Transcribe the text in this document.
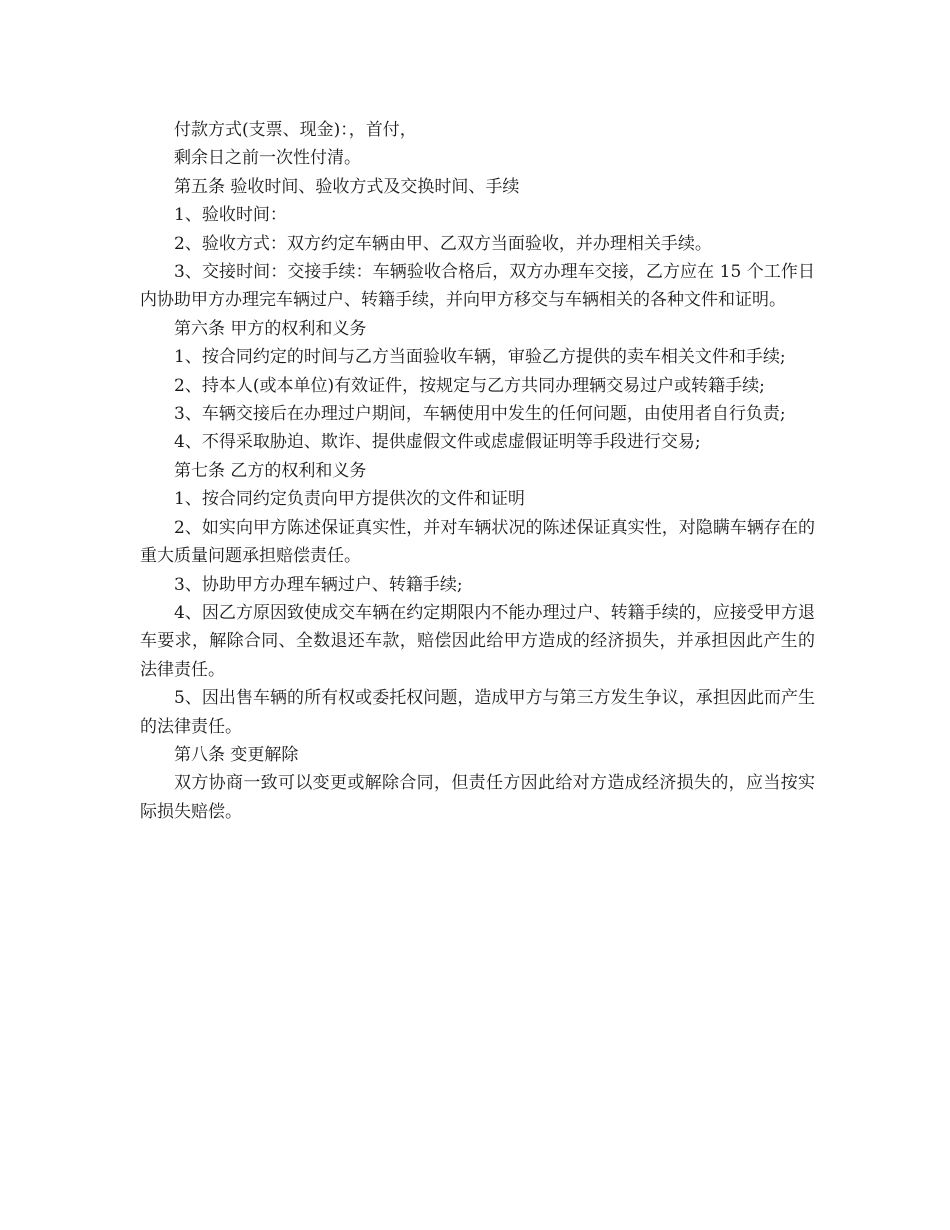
付款方式(支票、现金)：，首付，

剩余日之前一次性付清。

第五条 验收时间、验收方式及交换时间、手续

1、验收时间：

2、验收方式：双方约定车辆由甲、乙双方当面验收，并办理相关手续。

3、交接时间：交接手续：车辆验收合格后，双方办理车交接，乙方应在 15 个工作日内协助甲方办理完车辆过户、转籍手续，并向甲方移交与车辆相关的各种文件和证明。

第六条 甲方的权利和义务

1、按合同约定的时间与乙方当面验收车辆，审验乙方提供的卖车相关文件和手续;

2、持本人(或本单位)有效证件，按规定与乙方共同办理辆交易过户或转籍手续;

3、车辆交接后在办理过户期间，车辆使用中发生的任何问题，由使用者自行负责;

4、不得采取胁迫、欺诈、提供虚假文件或虑虚假证明等手段进行交易;

第七条 乙方的权利和义务

1、按合同约定负责向甲方提供次的文件和证明

2、如实向甲方陈述保证真实性，并对车辆状况的陈述保证真实性，对隐瞒车辆存在的重大质量问题承担赔偿责任。

3、协助甲方办理车辆过户、转籍手续;

4、因乙方原因致使成交车辆在约定期限内不能办理过户、转籍手续的，应接受甲方退车要求，解除合同、全数退还车款，赔偿因此给甲方造成的经济损失，并承担因此产生的法律责任。

5、因出售车辆的所有权或委托权问题，造成甲方与第三方发生争议，承担因此而产生的法律责任。

第八条 变更解除

双方协商一致可以变更或解除合同，但责任方因此给对方造成经济损失的，应当按实际损失赔偿。
